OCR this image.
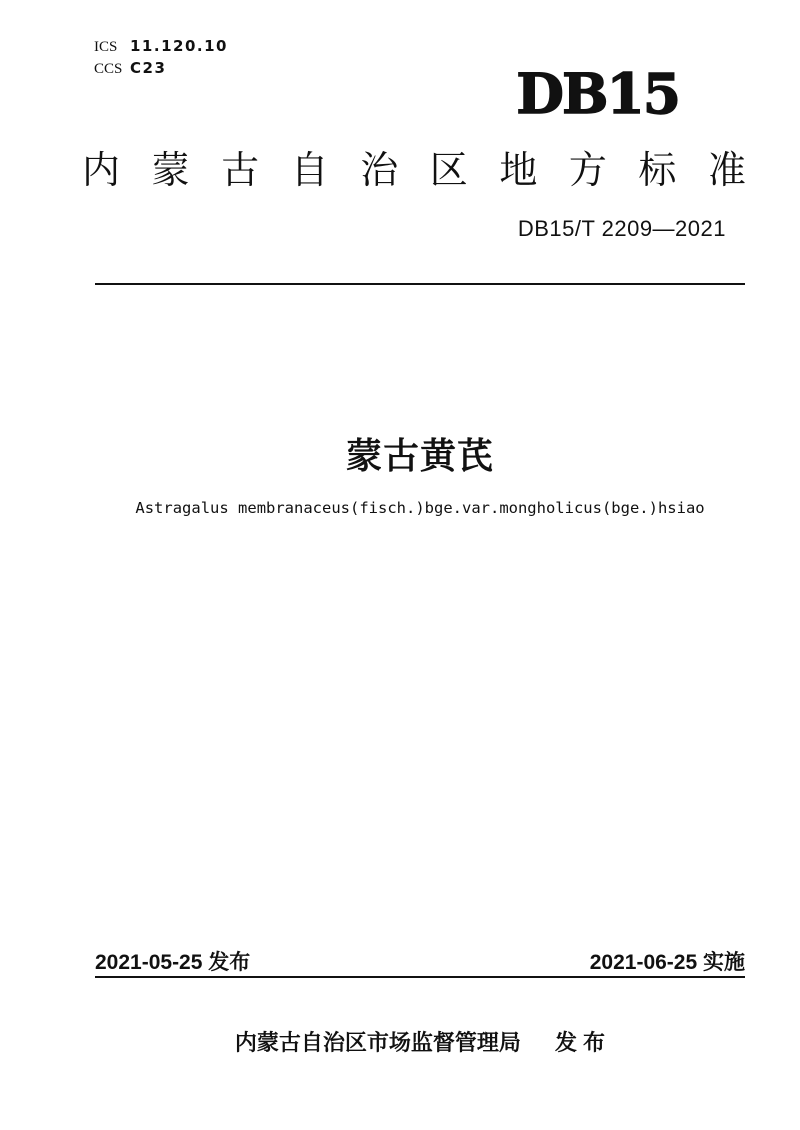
ICS 11.120.10
CCS C23	DB15
内蒙古自治区地方标准
DB15/T 2209—2021
蒙古黄芪
Astragalus membranaceus(fisch.)bge.var.mongholicus(bge.)hsiao
2021-05-25 发布	2021-06-25 实施
内蒙古自治区市场监督管理局 发 布
